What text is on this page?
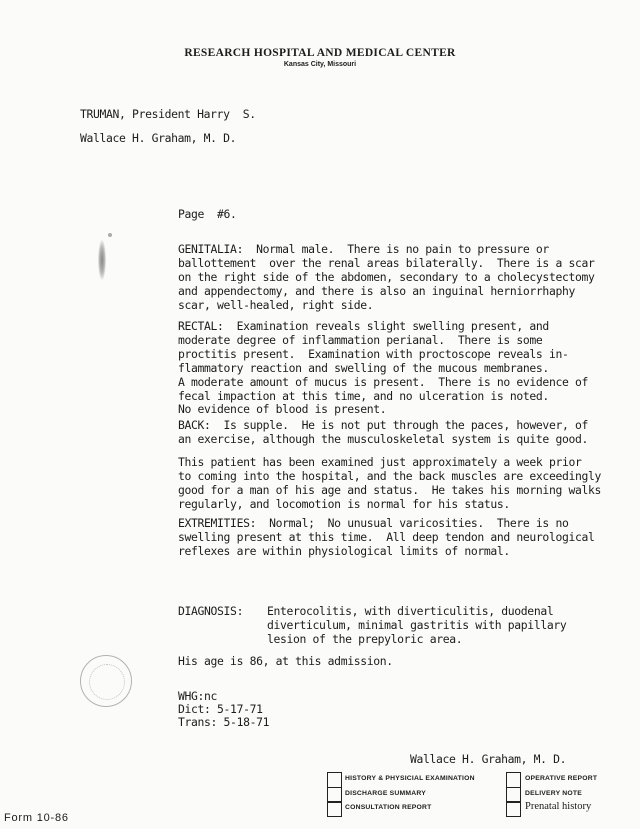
RESEARCH HOSPITAL AND MEDICAL CENTER
Kansas City, Missouri
TRUMAN, President Harry  S.
Wallace H. Graham, M. D.
Page  #6.
GENITALIA:  Normal male.  There is no pain to pressure or
ballottement  over the renal areas bilaterally.  There is a scar
on the right side of the abdomen, secondary to a cholecystectomy
and appendectomy, and there is also an inguinal herniorrhaphy
scar, well-healed, right side.
RECTAL:  Examination reveals slight swelling present, and
moderate degree of inflammation perianal.  There is some
proctitis present.  Examination with proctoscope reveals in-
flammatory reaction and swelling of the mucous membranes.
A moderate amount of mucus is present.  There is no evidence of
fecal impaction at this time, and no ulceration is noted.
No evidence of blood is present.
BACK:  Is supple.  He is not put through the paces, however, of
an exercise, although the musculoskeletal system is quite good.
This patient has been examined just approximately a week prior
to coming into the hospital, and the back muscles are exceedingly
good for a man of his age and status.  He takes his morning walks
regularly, and locomotion is normal for his status.
EXTREMITIES:  Normal;  No unusual varicosities.  There is no
swelling present at this time.  All deep tendon and neurological
reflexes are within physiological limits of normal.
DIAGNOSIS: Enterocolitis, with diverticulitis, duodenal
diverticulum, minimal gastritis with papillary
lesion of the prepyloric area.
His age is 86, at this admission.
WHG:nc
Dict: 5-17-71
Trans: 5-18-71
Wallace H. Graham, M. D.
HISTORY & PHYSICIAL EXAMINATION
DISCHARGE SUMMARY
CONSULTATION REPORT
OPERATIVE REPORT
DELIVERY NOTE
Prenatal history
Form 10-86
